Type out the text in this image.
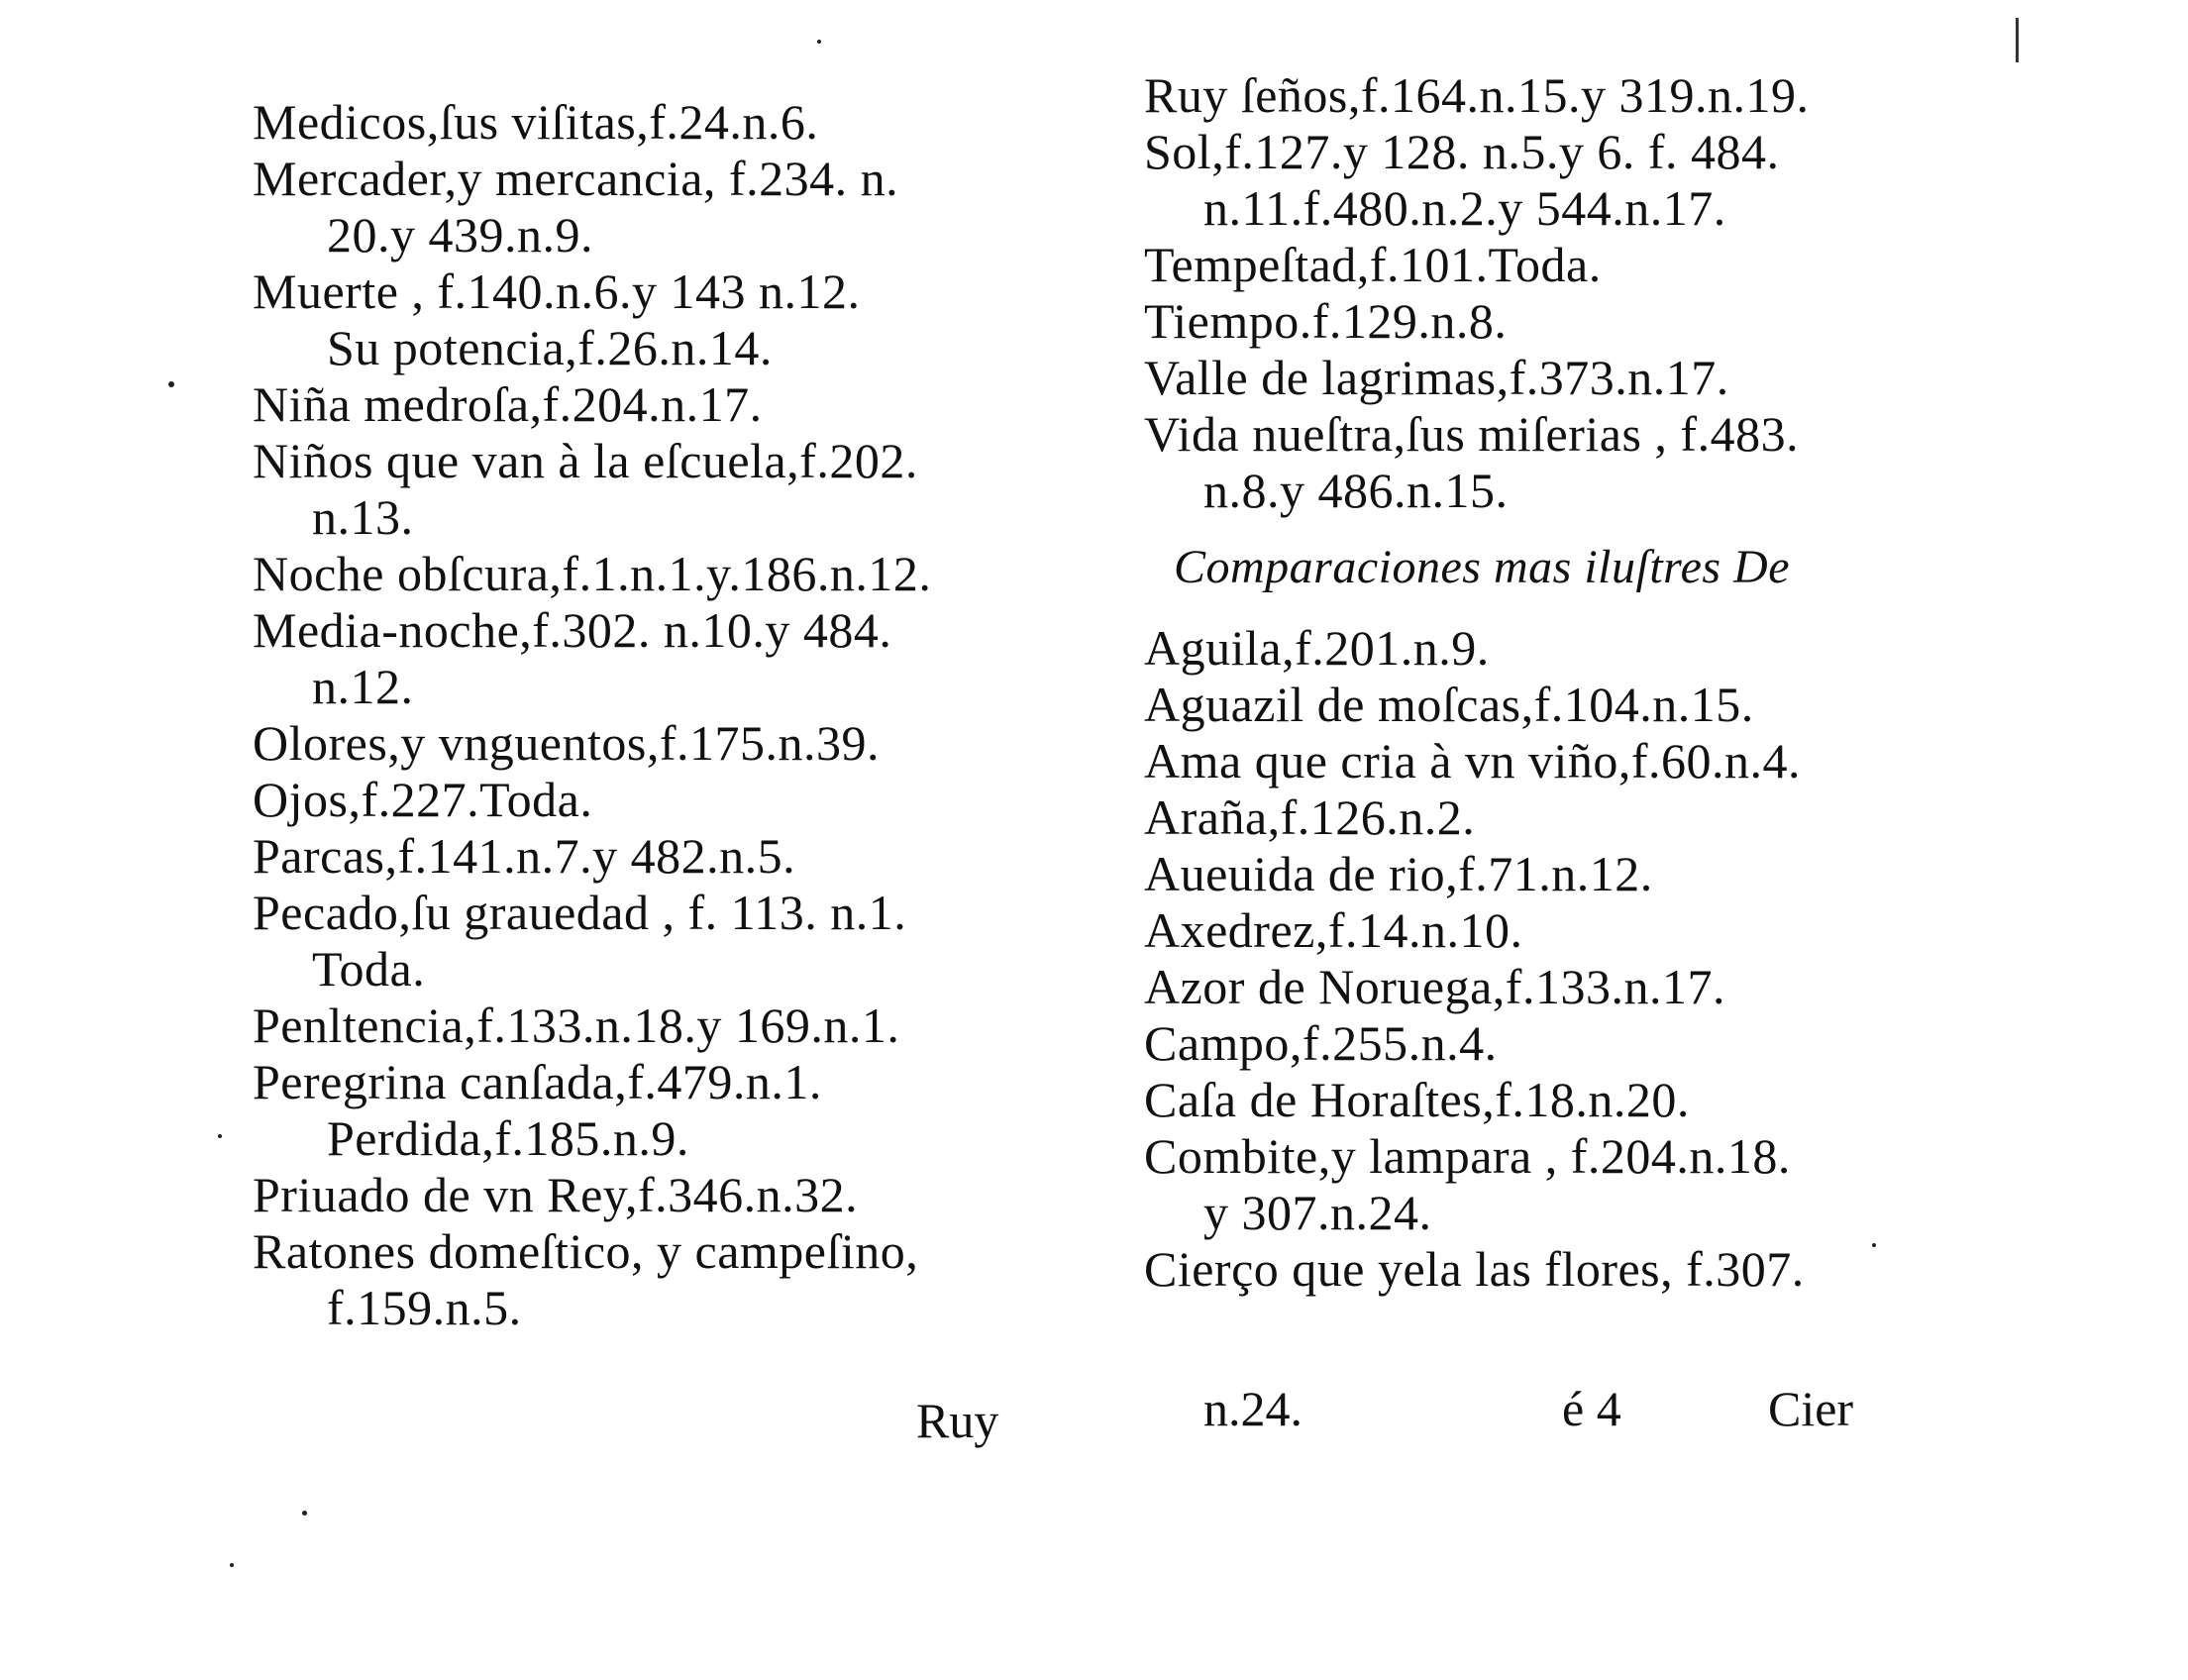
Medicos,ſus viſitas,f.24.n.6.
Mercader,y mercancia, f.234. n.
20.y 439.n.9.
Muerte , f.140.n.6.y 143 n.12.
Su potencia,f.26.n.14.
Niña medroſa,f.204.n.17.
Niños que van à la eſcuela,f.202.
n.13.
Noche obſcura,f.1.n.1.y.186.n.12.
Media-noche,f.302. n.10.y 484.
n.12.
Olores,y vnguentos,f.175.n.39.
Ojos,f.227.Toda.
Parcas,f.141.n.7.y 482.n.5.
Pecado,ſu grauedad , f. 113. n.1.
Toda.
Penltencia,f.133.n.18.y 169.n.1.
Peregrina canſada,f.479.n.1.
Perdida,f.185.n.9.
Priuado de vn Rey,f.346.n.32.
Ratones domeſtico, y campeſino,
f.159.n.5.
Ruy
Ruy ſeños,f.164.n.15.y 319.n.19.
Sol,f.127.y 128. n.5.y 6. f. 484.
n.11.f.480.n.2.y 544.n.17.
Tempeſtad,f.101.Toda.
Tiempo.f.129.n.8.
Valle de lagrimas,f.373.n.17.
Vida nueſtra,ſus miſerias , f.483.
n.8.y 486.n.15.
Comparaciones mas iluſtres De
Aguila,f.201.n.9.
Aguazil de moſcas,f.104.n.15.
Ama que cria à vn viño,f.60.n.4.
Araña,f.126.n.2.
Aueuida de rio,f.71.n.12.
Axedrez,f.14.n.10.
Azor de Noruega,f.133.n.17.
Campo,f.255.n.4.
Caſa de Horaſtes,f.18.n.20.
Combite,y lampara , f.204.n.18.
y 307.n.24.
Cierço que yela las flores, f.307.
n.24.	é 4	Cier
